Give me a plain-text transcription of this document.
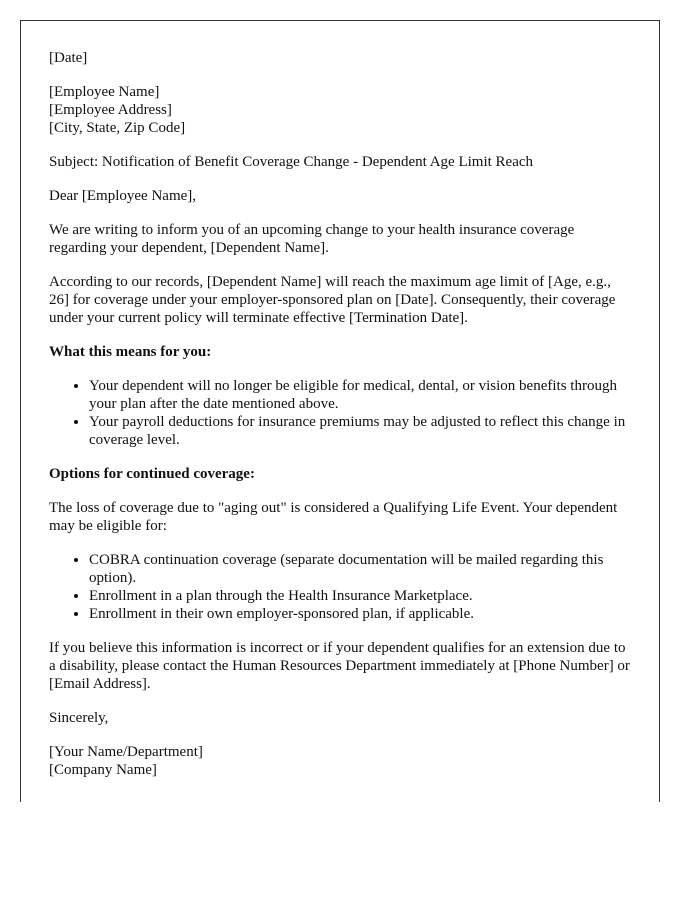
[Date]

[Employee Name]
[Employee Address]
[City, State, Zip Code]

Subject: Notification of Benefit Coverage Change - Dependent Age Limit Reach

Dear [Employee Name],

We are writing to inform you of an upcoming change to your health insurance coverage regarding your dependent, [Dependent Name].

According to our records, [Dependent Name] will reach the maximum age limit of [Age, e.g., 26] for coverage under your employer-sponsored plan on [Date]. Consequently, their coverage under your current policy will terminate effective [Termination Date].

What this means for you:

• Your dependent will no longer be eligible for medical, dental, or vision benefits through your plan after the date mentioned above.
• Your payroll deductions for insurance premiums may be adjusted to reflect this change in coverage level.

Options for continued coverage:

The loss of coverage due to "aging out" is considered a Qualifying Life Event. Your dependent may be eligible for:

• COBRA continuation coverage (separate documentation will be mailed regarding this option).
• Enrollment in a plan through the Health Insurance Marketplace.
• Enrollment in their own employer-sponsored plan, if applicable.

If you believe this information is incorrect or if your dependent qualifies for an extension due to a disability, please contact the Human Resources Department immediately at [Phone Number] or [Email Address].

Sincerely,

[Your Name/Department]
[Company Name]
